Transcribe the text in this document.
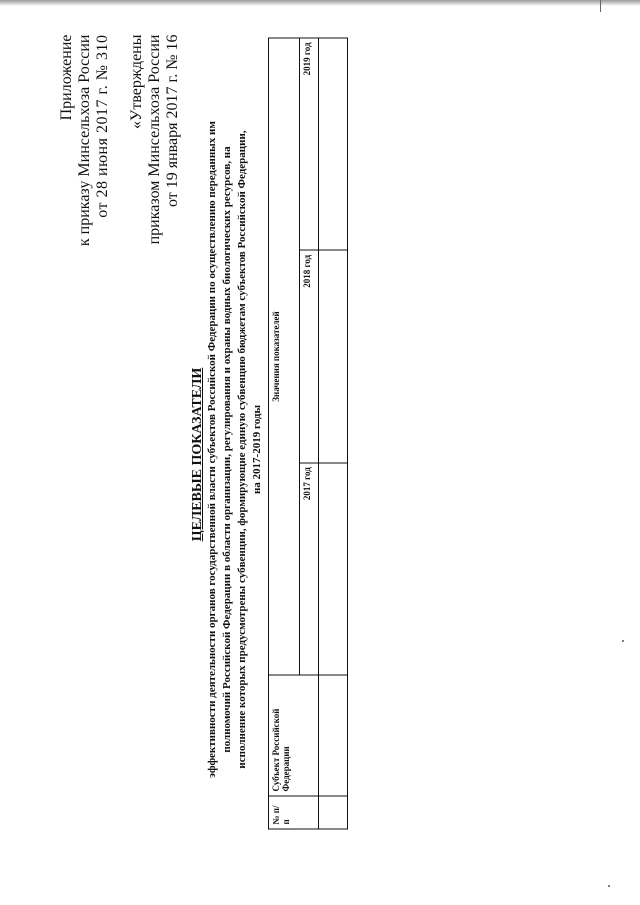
Приложение к приказу Минсельхоза России от 28 июня 2017 г. № 310 «Утверждены приказом Минсельхоза России от 19 января 2017 г. № 16
ЦЕЛЕВЫЕ ПОКАЗАТЕЛИ эффективности деятельности органов государственной власти субъектов Российской Федерации по осуществлению переданных им полномочий Российской Федерации в области организации, регулирования и охраны водных биологических ресурсов, на исполнение которых предусмотрены субвенции, формирующие единую субвенцию бюджетам субъектов Российской Федерации, на 2017-2019 годы
№ п/п	Субъект Российской Федерации	Значения показателей		
		2017 год	2018 год	2019 год
